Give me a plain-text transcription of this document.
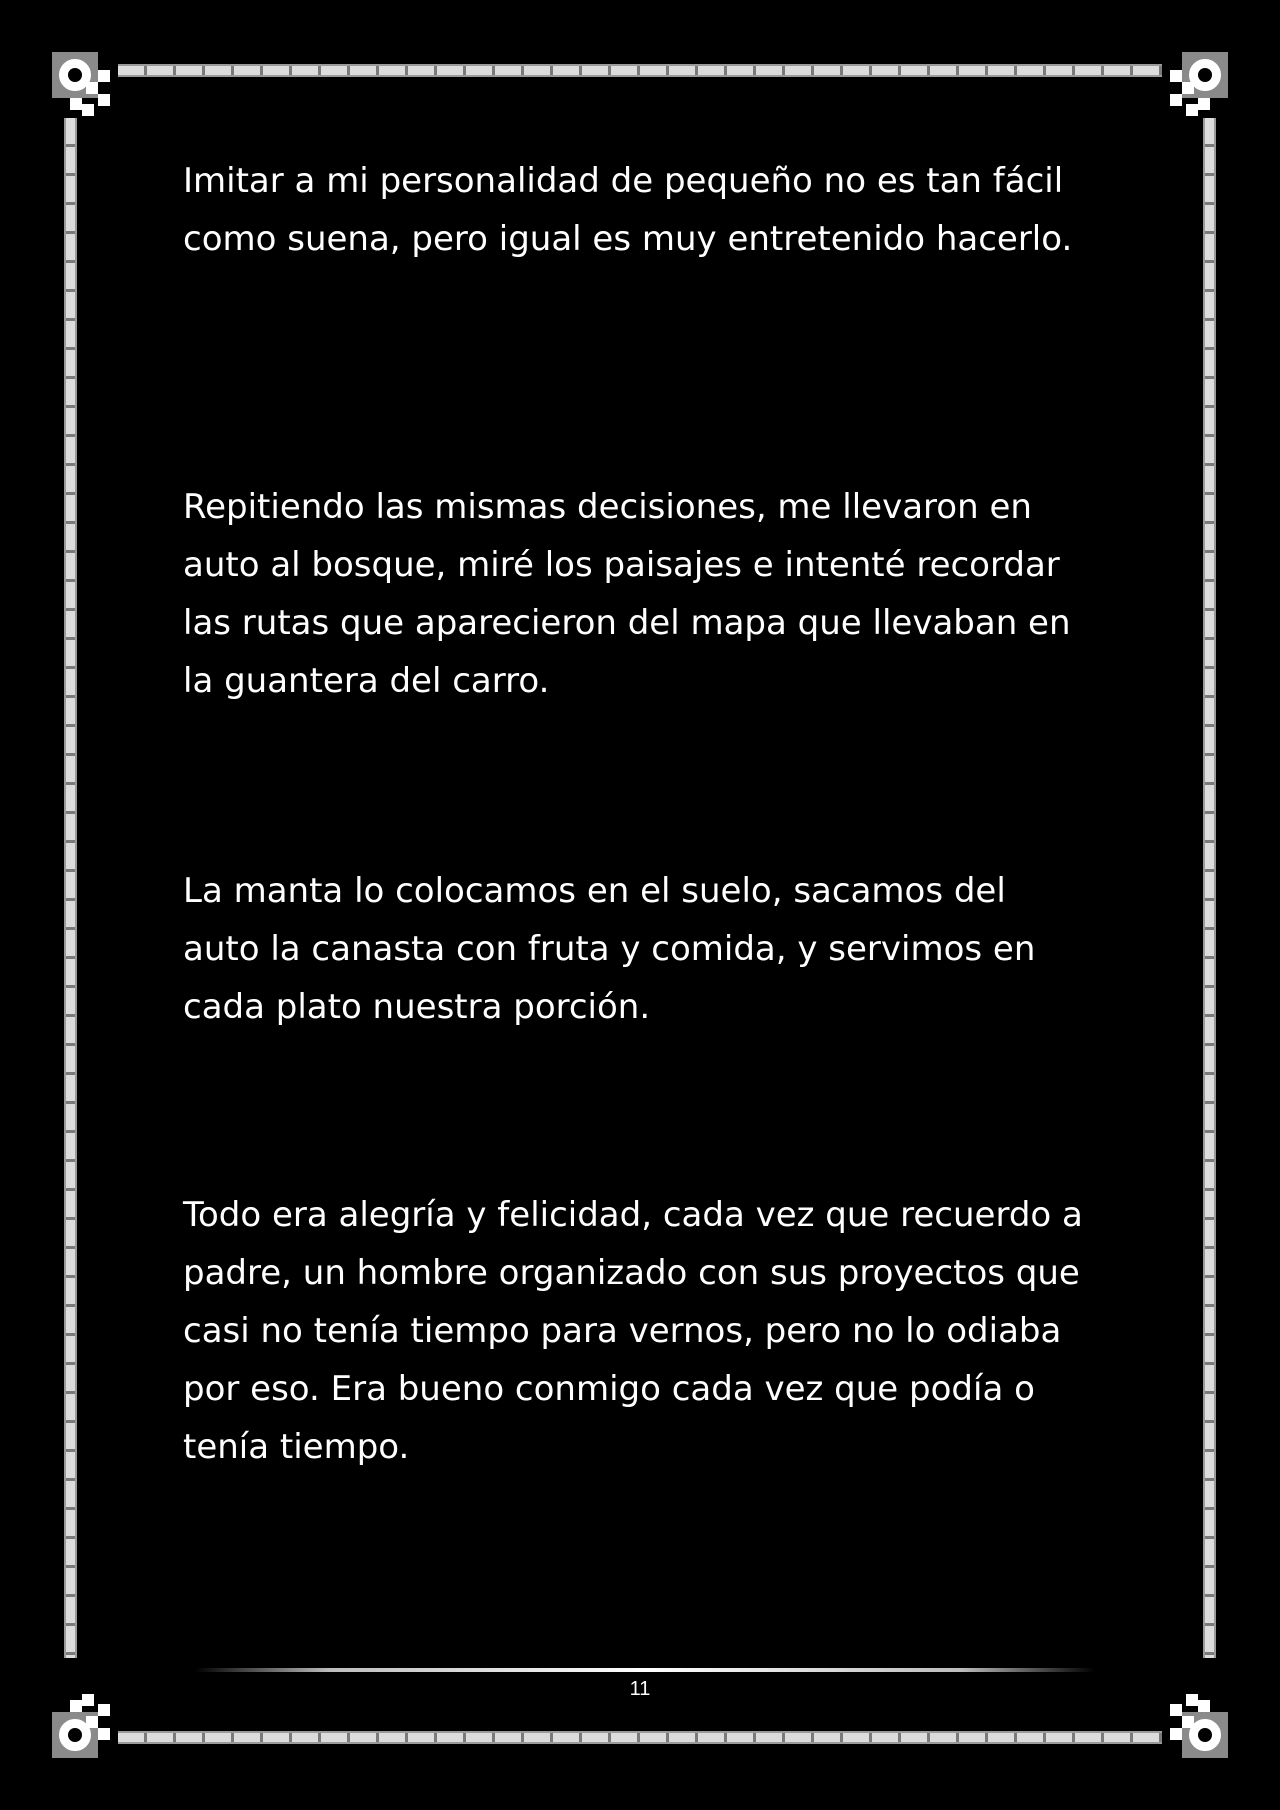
Imitar a mi personalidad de pequeño no es tan fácil como suena, pero igual es muy entretenido hacerlo.

Repitiendo las mismas decisiones, me llevaron en auto al bosque, miré los paisajes e intenté recordar las rutas que aparecieron del mapa que llevaban en la guantera del carro.

La manta lo colocamos en el suelo, sacamos del auto la canasta con fruta y comida, y servimos en cada plato nuestra porción.

Todo era alegría y felicidad, cada vez que recuerdo a padre, un hombre organizado con sus proyectos que casi no tenía tiempo para vernos, pero no lo odiaba por eso. Era bueno conmigo cada vez que podía o tenía tiempo.

11
